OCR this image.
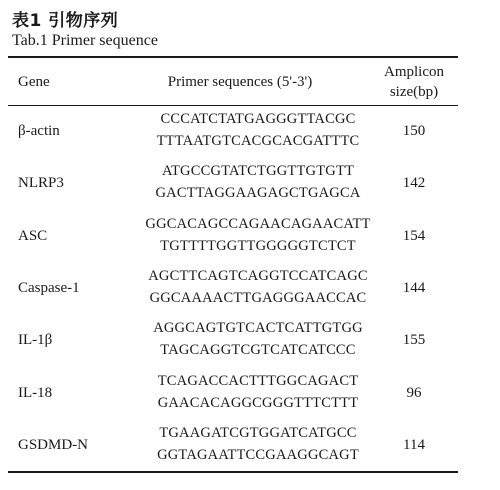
表1 引物序列
Tab.1 Primer sequence
Gene	Primer sequences (5'-3')
Amplicon
size(bp)
β-actin
CCCATCTATGAGGGTTACGC
TTTAATGTCACGCACGATTTC
150
NLRP3
ATGCCGTATCTGGTTGTGTT
GACTTAGGAAGAGCTGAGCA
142
ASC
GGCACAGCCAGAACAGAACATT
TGTTTTGGTTGGGGGTCTCT
154
Caspase-1
AGCTTCAGTCAGGTCCATCAGC
GGCAAAACTTGAGGGAACCAC
144
IL-1β
AGGCAGTGTCACTCATTGTGG
TAGCAGGTCGTCATCATCCC
155
IL-18
TCAGACCACTTTGGCAGACT
GAACACAGGCGGGTTTCTTT
96
GSDMD-N
TGAAGATCGTGGATCATGCC
GGTAGAATTCCGAAGGCAGT
114
